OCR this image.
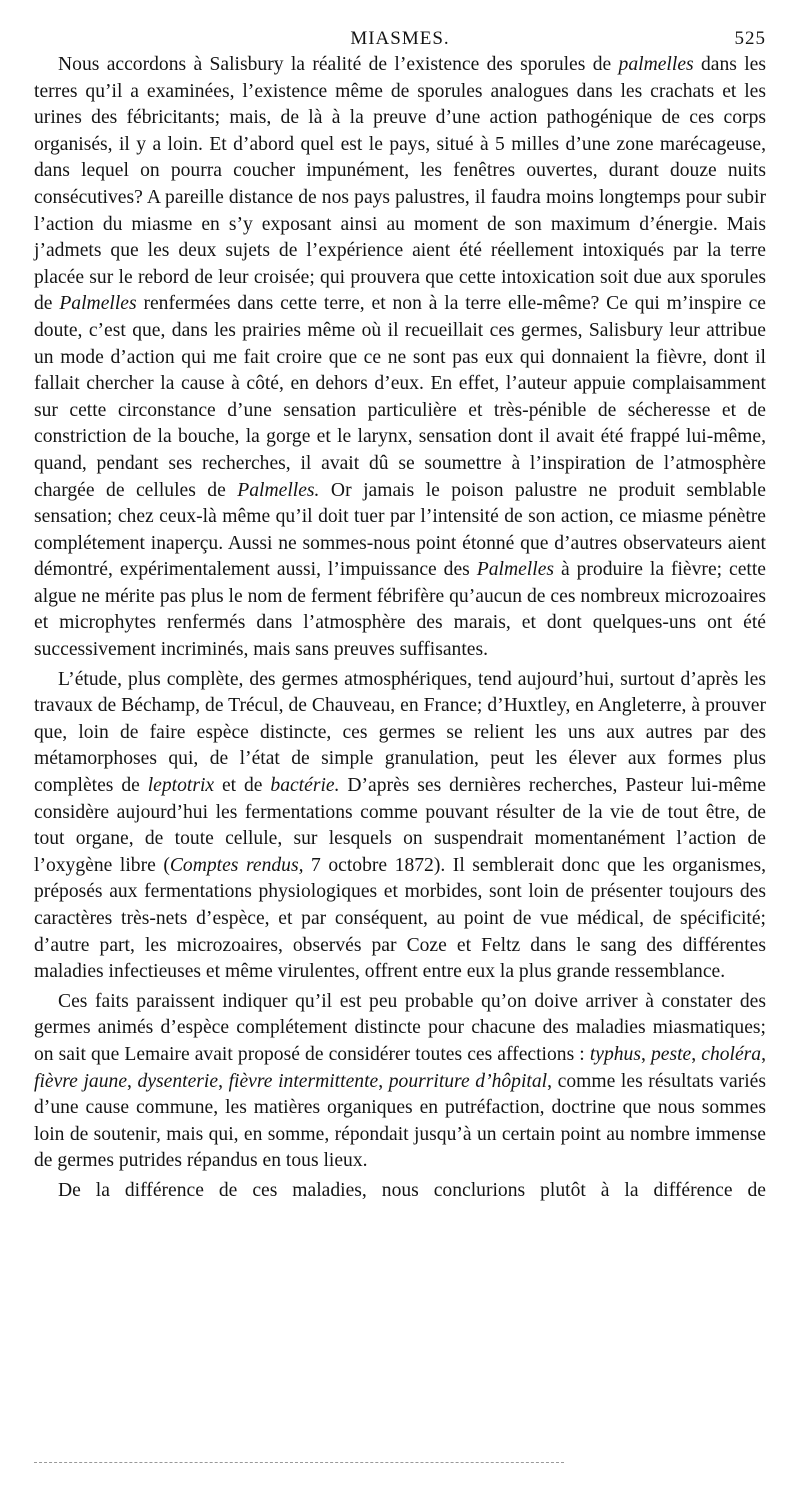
MIASMES.	525

Nous accordons à Salisbury la réalité de l’existence des sporules de palmelles dans les terres qu’il a examinées, l’existence même de sporules analogues dans les crachats et les urines des fébricitants; mais, de là à la preuve d’une action pathogénique de ces corps organisés, il y a loin. Et d’abord quel est le pays, situé à 5 milles d’une zone marécageuse, dans lequel on pourra coucher impunément, les fenêtres ouvertes, durant douze nuits consécutives? A pareille distance de nos pays palustres, il faudra moins longtemps pour subir l’action du miasme en s’y exposant ainsi au moment de son maximum d’énergie. Mais j’admets que les deux sujets de l’expérience aient été réellement intoxiqués par la terre placée sur le rebord de leur croisée; qui prouvera que cette intoxication soit due aux sporules de Palmelles renfermées dans cette terre, et non à la terre elle-même? Ce qui m’inspire ce doute, c’est que, dans les prairies même où il recueillait ces germes, Salisbury leur attribue un mode d’action qui me fait croire que ce ne sont pas eux qui donnaient la fièvre, dont il fallait chercher la cause à côté, en dehors d’eux. En effet, l’auteur appuie complaisamment sur cette circonstance d’une sensation particulière et très-pénible de sécheresse et de constriction de la bouche, la gorge et le larynx, sensation dont il avait été frappé lui-même, quand, pendant ses recherches, il avait dû se soumettre à l’inspiration de l’atmosphère chargée de cellules de Palmelles. Or jamais le poison palustre ne produit semblable sensation; chez ceux-là même qu’il doit tuer par l’intensité de son action, ce miasme pénètre complétement inaperçu. Aussi ne sommes-nous point étonné que d’autres observateurs aient démontré, expérimentalement aussi, l’impuissance des Palmelles à produire la fièvre; cette algue ne mérite pas plus le nom de ferment fébrifère qu’aucun de ces nombreux microzoaires et microphytes renfermés dans l’atmosphère des marais, et dont quelques-uns ont été successivement incriminés, mais sans preuves suffisantes.

L’étude, plus complète, des germes atmosphériques, tend aujourd’hui, surtout d’après les travaux de Béchamp, de Trécul, de Chauveau, en France; d’Huxtley, en Angleterre, à prouver que, loin de faire espèce distincte, ces germes se relient les uns aux autres par des métamorphoses qui, de l’état de simple granulation, peut les élever aux formes plus complètes de leptotrix et de bactérie. D’après ses dernières recherches, Pasteur lui-même considère aujourd’hui les fermentations comme pouvant résulter de la vie de tout être, de tout organe, de toute cellule, sur lesquels on suspendrait momentanément l’action de l’oxygène libre (Comptes rendus, 7 octobre 1872). Il semblerait donc que les organismes, préposés aux fermentations physiologiques et morbides, sont loin de présenter toujours des caractères très-nets d’espèce, et par conséquent, au point de vue médical, de spécificité; d’autre part, les microzoaires, observés par Coze et Feltz dans le sang des différentes maladies infectieuses et même virulentes, offrent entre eux la plus grande ressemblance.

Ces faits paraissent indiquer qu’il est peu probable qu’on doive arriver à constater des germes animés d’espèce complétement distincte pour chacune des maladies miasmatiques; on sait que Lemaire avait proposé de considérer toutes ces affections : typhus, peste, choléra, fièvre jaune, dysenterie, fièvre intermittente, pourriture d’hôpital, comme les résultats variés d’une cause commune, les matières organiques en putréfaction, doctrine que nous sommes loin de soutenir, mais qui, en somme, répondait jusqu’à un certain point au nombre immense de germes putrides répandus en tous lieux.

De la différence de ces maladies, nous conclurions plutôt à la différence de
